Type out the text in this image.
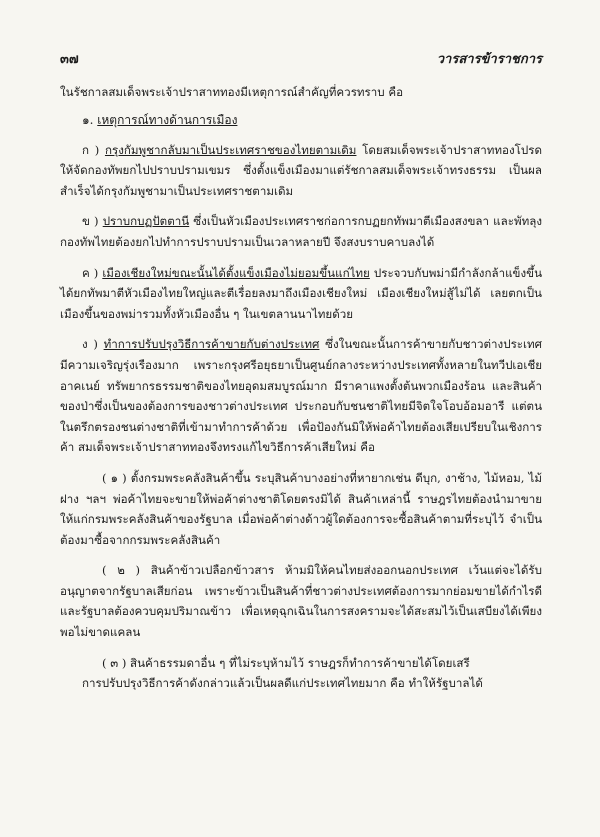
๓๗	วารสารข้าราชการ

ในรัชกาลสมเด็จพระเจ้าปราสาททองมีเหตุการณ์สำคัญที่ควรทราบ คือ

๑. เหตุการณ์ทางด้านการเมือง

ก ) กรุงกัมพูชากลับมาเป็นประเทศราชของไทยตามเดิม โดยสมเด็จพระเจ้าปราสาททองโปรดให้จัดกองทัพยกไปปราบปรามเขมร ซึ่งตั้งแข็งเมืองมาแต่รัชกาลสมเด็จพระเจ้าทรงธรรม เป็นผลสำเร็จได้กรุงกัมพูชามาเป็นประเทศราชตามเดิม

ข ) ปราบกบฏปัตตานี ซึ่งเป็นหัวเมืองประเทศราชก่อการกบฏยกทัพมาตีเมืองสงขลา และพัทลุง กองทัพไทยต้องยกไปทำการปราบปรามเป็นเวลาหลายปี จึงสงบราบคาบลงได้

ค ) เมืองเชียงใหม่ขณะนั้นได้ตั้งแข็งเมืองไม่ยอมขึ้นแก่ไทย ประจวบกับพม่ามีกำลังกล้าแข็งขึ้นได้ยกทัพมาตีหัวเมืองไทยใหญ่และตีเรื่อยลงมาถึงเมืองเชียงใหม่ เมืองเชียงใหม่สู้ไม่ได้ เลยตกเป็นเมืองขึ้นของพม่ารวมทั้งหัวเมืองอื่น ๆ ในเขตลานนาไทยด้วย

ง ) ทำการปรับปรุงวิธีการค้าขายกับต่างประเทศ ซึ่งในขณะนั้นการค้าขายกับชาวต่างประเทศมีความเจริญรุ่งเรืองมาก เพราะกรุงศรีอยุธยาเป็นศูนย์กลางระหว่างประเทศทั้งหลายในทวีปเอเชียอาคเนย์ ทรัพยากรธรรมชาติของไทยอุดมสมบูรณ์มาก มีราคาแพงตั้งต้นพวกเมืองร้อน และสินค้าของป่าซึ่งเป็นของต้องการของชาวต่างประเทศ ประกอบกับชนชาติไทยมีจิตใจโอบอ้อมอารี แต่ตนในตรึกตรองชนต่างชาติที่เข้ามาทำการค้าด้วย เพื่อป้องกันมิให้พ่อค้าไทยต้องเสียเปรียบในเชิงการค้า สมเด็จพระเจ้าปราสาททองจึงทรงแก้ไขวิธีการค้าเสียใหม่ คือ

( ๑ ) ตั้งกรมพระคลังสินค้าขึ้น ระบุสินค้าบางอย่างที่หายากเช่น ดีบุก, งาช้าง, ไม้หอม, ไม้ฝาง ฯลฯ พ่อค้าไทยจะขายให้พ่อค้าต่างชาติโดยตรงมิได้ สินค้าเหล่านี้ ราษฎรไทยต้องนำมาขายให้แก่กรมพระคลังสินค้าของรัฐบาล เมื่อพ่อค้าต่างด้าวผู้ใดต้องการจะซื้อสินค้าตามที่ระบุไว้ จำเป็นต้องมาซื้อจากกรมพระคลังสินค้า

( ๒ ) สินค้าข้าวเปลือกข้าวสาร ห้ามมิให้คนไทยส่งออกนอกประเทศ เว้นแต่จะได้รับอนุญาตจากรัฐบาลเสียก่อน เพราะข้าวเป็นสินค้าที่ชาวต่างประเทศต้องการมากย่อมขายได้กำไรดี และรัฐบาลต้องควบคุมปริมาณข้าว เพื่อเหตุฉุกเฉินในการสงครามจะได้สะสมไว้เป็นเสบียงได้เพียงพอไม่ขาดแคลน

( ๓ ) สินค้าธรรมดาอื่น ๆ ที่ไม่ระบุห้ามไว้ ราษฎรก็ทำการค้าขายได้โดยเสรี

การปรับปรุงวิธีการค้าดังกล่าวแล้วเป็นผลดีแก่ประเทศไทยมาก คือ ทำให้รัฐบาลได้
